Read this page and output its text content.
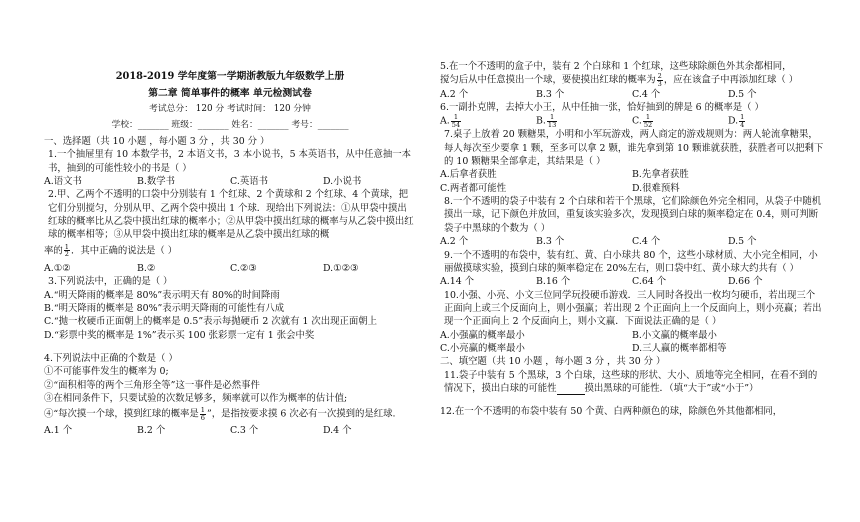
2018-2019 学年度第一学期浙教版九年级数学上册
第二章 简单事件的概率 单元检测试卷
考试总分： 120 分 考试时间： 120 分钟
学校：_______ 班级：_______ 姓名：_______ 考号：_______
一、选择题（共 10 小题 ，每小题 3 分 ，共 30 分 ）
1.一个抽屉里有 10 本数学书，2 本语文书，3 本小说书，5 本英语书，从中任意抽一本书，抽到的可能性较小的书是（ ）
A.语文书	B.数学书	C.英语书	D.小说书
2.甲、乙两个不透明的口袋中分别装有 1 个红球、2 个黄球和 2 个红球、4 个黄球，把它们分别搅匀，分别从甲、乙两个袋中摸出 1 个球．现给出下列说法：①从甲袋中摸出红球的概率比从乙袋中摸出红球的概率小；②从甲袋中摸出红球的概率与从乙袋中摸出红球的概率相等；③从甲袋中摸出红球的概率是从乙袋中摸出红球的概
率的 $\frac{1}{2}$ ．其中正确的说法是（ ）
A.①②	B.②	C.②③	D.①②③
3.下列说法中，正确的是（ ）
A.“明天降雨的概率是 80%”表示明天有 80%的时间降雨
B.“明天降雨的概率是 80%”表示明天降雨的可能性有八成
C.“抛一枚硬币正面朝上的概率是 0.5”表示每抛硬币 2 次就有 1 次出现正面朝上
D.“彩票中奖的概率是 1%”表示买 100 张彩票一定有 1 张会中奖
4.下列说法中正确的个数是（ ）
①不可能事件发生的概率为 0;
②“面积相等的两个三角形全等”这一事件是必然事件
③在相同条件下，只要试验的次数足够多，频率就可以作为概率的估计值;
④“每次摸一个球，摸到红球的概率是 $\frac{1}{6}$ ”，是指按要求摸 6 次必有一次摸到的是红球.
A.1 个	B.2 个	C.3 个	D.4 个
5.在一个不透明的盒子中，装有 2 个白球和 1 个红球，这些球除颜色外其余都相同，
搅匀后从中任意摸出一个球，要使摸出红球的概率为 $\frac{2}{3}$ ，应在该盒子中再添加红球（ ）
A.2 个	B.3 个	C.4 个	D.5 个
6.一副扑克牌，去掉大小王，从中任抽一张，恰好抽到的牌是 6 的概率是（ ）
A. $\frac{1}{54}$	B. $\frac{1}{13}$	C. $\frac{1}{52}$	D. $\frac{1}{4}$
7.桌子上放着 20 颗糖果，小明和小军玩游戏，两人商定的游戏规则为：两人轮流拿糖果，每人每次至少要拿 1 颗，至多可以拿 2 颗，谁先拿到第 10 颗谁就获胜，获胜者可以把剩下的 10 颗糖果全部拿走，其结果是（ ）
A.后拿者获胜	B.先拿者获胜
C.两者都可能性	D.很难预料
8.一个不透明的袋子中装有 2 个白球和若干个黑球，它们除颜色外完全相同，从袋子中随机摸出一球，记下颜色并放回，重复该实验多次，发现摸到白球的频率稳定在 0.4，则可判断袋子中黑球的个数为（ ）
A.2 个	B.3 个	C.4 个	D.5 个
9.一个不透明的布袋中，装有红、黄、白小球共 80 个，这些小球材质、大小完全相同，小丽做摸球实验，摸到白球的频率稳定在 20%左右，则口袋中红、黄小球大约共有（ ）
A.14 个	B.16 个	C.64 个	D.66 个
10.小强、小亮、小文三位同学玩投硬币游戏．三人同时各投出一枚均匀硬币，若出现三个正面向上或三个反面向上，则小强赢；若出现 2 个正面向上一个反面向上，则小亮赢；若出现一个正面向上 2 个反面向上，则小文赢．下面说法正确的是（ ）
A.小强赢的概率最小	B.小文赢的概率最小
C.小亮赢的概率最小	D.三人赢的概率都相等
二、填空题（共 10 小题 ，每小题 3 分 ，共 30 分 ）
11.袋子中装有 5 个黑球，3 个白球，这些球的形状、大小、质地等完全相同，在看不到的情况下，摸出白球的可能性	摸出黑球的可能性．（填“大于”或“小于”）
12.在一个不透明的布袋中装有 50 个黄、白两种颜色的球，除颜色外其他都相同，
